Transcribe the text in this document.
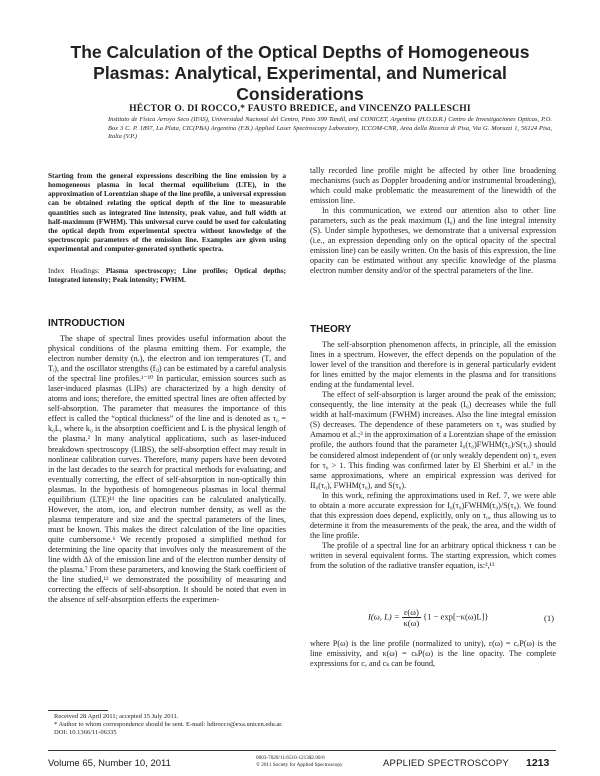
The Calculation of the Optical Depths of Homogeneous Plasmas: Analytical, Experimental, and Numerical Considerations
HÉCTOR O. DI ROCCO,* FAUSTO BREDICE, and VINCENZO PALLESCHI
Instituto de Física Arroyo Seco (IFAS), Universidad Nacional del Centro, Pinto 399 Tandil, and CONICET, Argentina (H.O.D.R.) Centro de Investigaciones Opticas, P.O. Box 3 C. P. 1897, La Plata, CIC(PBA) Argentina (F.B.) Applied Laser Spectroscopy Laboratory, ICCOM-CNR, Area della Ricerca di Pisa, Via G. Moruzzi 1, 56124 Pisa, Italia (V.P.)
Starting from the general expressions describing the line emission by a homogeneous plasma in local thermal equilibrium (LTE), in the approximation of Lorentzian shape of the line profile, a universal expression can be obtained relating the optical depth of the line to measurable quantities such as integrated line intensity, peak value, and full width at half-maximum (FWHM). This universal curve could be used for calculating the optical depth from experimental spectra without knowledge of the spectroscopic parameters of the emission line. Examples are given using experimental and computer-generated synthetic spectra.
Index Headings: Plasma spectroscopy; Line profiles; Optical depths; Integrated intensity; Peak intensity; FWHM.
INTRODUCTION

The shape of spectral lines provides useful information about the physical conditions of the plasma emitting them. For example, the electron number density (nₑ), the electron and ion temperatures (Tₑ and Tᵢ), and the oscillator strengths (fᵢⱼ) can be estimated by a careful analysis of the spectral line profiles.¹⁻¹⁰ In particular, emission sources such as laser-induced plasmas (LIPs) are characterized by a high density of atoms and ions; therefore, the emitted spectral lines are often affected by self-absorption. The parameter that measures the importance of this effect is called the “optical thickness” of the line and is denoted as τ₀ = k₀L, where k₀ is the absorption coefficient and L is the physical length of the plasma.² In many analytical applications, such as laser-induced breakdown spectroscopy (LIBS), the self-absorption effect may result in nonlinear calibration curves. Therefore, many papers have been devoted in the last decades to the search for practical methods for evaluating, and eventually correcting, the effect of self-absorption in non-optically thin plasmas. In the hypothesis of homogeneous plasmas in local thermal equilibrium (LTE)¹¹ the line opacities can be calculated analytically. However, the atom, ion, and electron number density, as well as the plasma temperature and size and the spectral parameters of the lines, must be known. This makes the direct calculation of the line opacities quite cumbersome.⁶ We recently proposed a simplified method for determining the line opacity that involves only the measurement of the line width Δλ of the emission line and of the electron number density of the plasma.⁷ From these parameters, and knowing the Stark coefficient of the line studied,¹² we demonstrated the possibility of measuring and correcting the effects of self-absorption. It should be noted that even in the absence of self-absorption effects the experimen-

tally recorded line profile might be affected by other line broadening mechanisms (such as Doppler broadening and/or instrumental broadening), which could make problematic the measurement of the linewidth of the emission line.

In this communication, we extend our attention also to other line parameters, such as the peak maximum (I₀) and the line integral intensity (S). Under simple hypotheses, we demonstrate that a universal expression (i.e., an expression depending only on the optical opacity of the spectral emission line) can be easily written. On the basis of this expression, the line opacity can be estimated without any specific knowledge of the plasma electron number density and/or of the spectral parameters of the line.

THEORY

The self-absorption phenomenon affects, in principle, all the emission lines in a spectrum. However, the effect depends on the population of the lower level of the transition and therefore is in general particularly evident for lines emitted by the major elements in the plasma and for transitions ending at the fundamental level.

The effect of self-absorption is larger around the peak of the emission; consequently, the line intensity at the peak (I₀) decreases while the full width at half-maximum (FWHM) increases. Also the line integral emission (S) decreases. The dependence of these parameters on τ₀ was studied by Amamou et al.;³ in the approximation of a Lorentzian shape of the emission profile, the authors found that the parameter I₀(τ₀)FWHM(τ₀)/S(τ₀) should be considered almost independent of (or only weakly dependent on) τ₀ even for τ₀ > 1. This finding was confirmed later by El Sherbini et al.⁷ in the same approximations, where an empirical expression was derived for II₀(τ₀), FWHM(τ₀), and S(τ₀).

In this work, refining the approximations used in Ref. 7, we were able to obtain a more accurate expression for I₀(τ₀)FWHM(τ₀)/S(τ₀). We found that this expression does depend, explicitly, only on τ₀, thus allowing us to determine it from the measurements of the peak, the area, and the width of the line profile.

The profile of a spectral line for an arbitrary optical thickness τ can be written in several equivalent forms. The starting expression, which comes from the solution of the radiative transfer equation, is:²,¹³

I(ω, $L) = \frac{\varepsilon(\omega)}{\kappa(\omega)} \{1 - \exp[-\kappa(\omega)L]\}$	(1)
where P(ω) is the line profile (normalized to unity), ε(ω) = cₑP(ω) is the line emissivity, and κ(ω) = cₖP(ω) is the line opacity. The complete expressions for cₑ and cₖ can be found,

Received 28 April 2011; accepted 15 July 2011.

* Author to whom correspondence should be sent. E-mail: hdirocco@exa.unicen.edu.ar.

DOI: 10.1366/11-06335

Volume 65, Number 10, 2011	0003-7028/11/6510-1213$2.00/0
© 2011 Society for Applied Spectroscopy	APPLIED SPECTROSCOPY 1213
